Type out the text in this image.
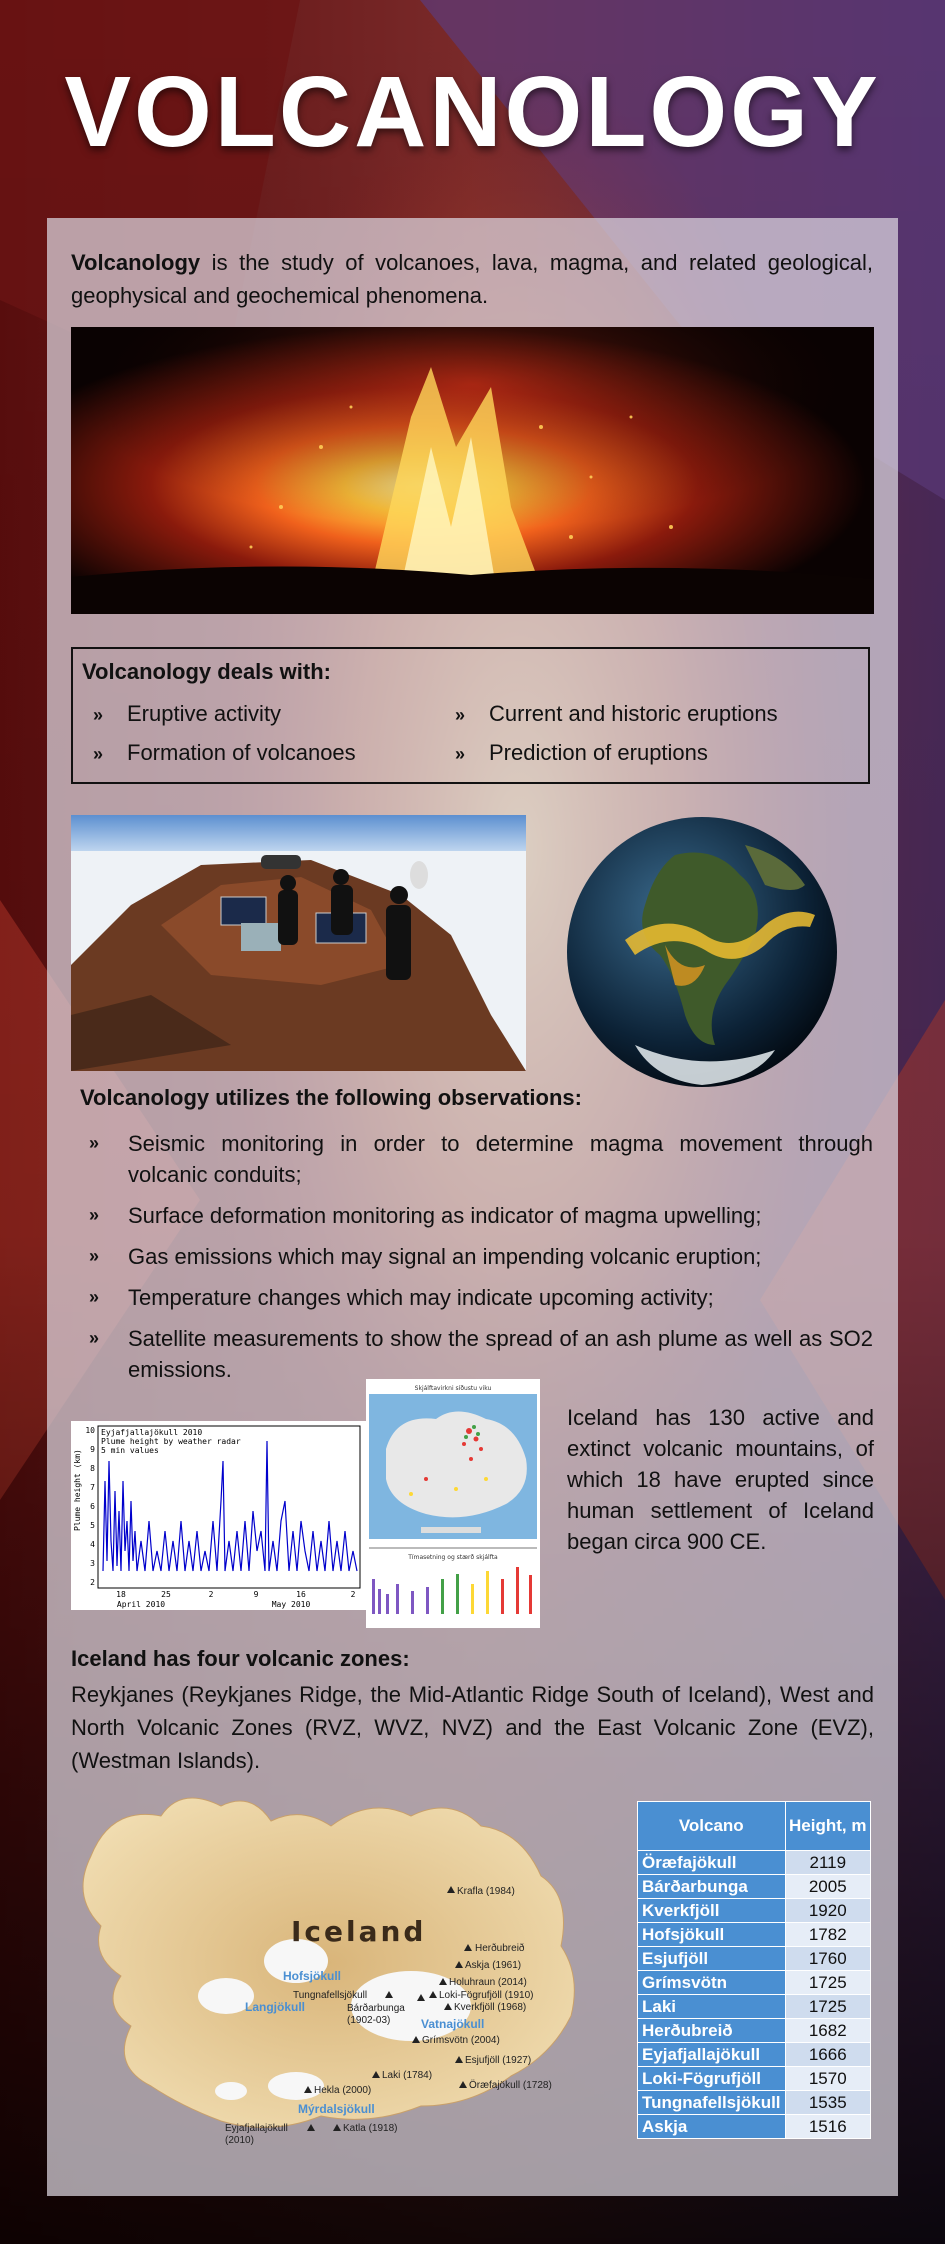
VOLCANOLOGY
Volcanology is the study of volcanoes, lava, magma, and related geological, geophysical and geochemical phenomena.
Volcanology deals with:
» Eruptive activity
» Formation of volcanoes
» Current and historic eruptions
» Prediction of eruptions
Volcanology utilizes the following observations:
»	Seismic monitoring in order to determine magma movement through volcanic conduits;
»	Surface deformation monitoring as indicator of magma upwelling;
»	Gas emissions which may signal an impending volcanic eruption;
»	Temperature changes which may indicate upcoming activity;
»	Satellite measurements to show the spread of an ash plume as well as SO2 emissions.
Eyjafjallajökull 2010
Plume height by weather radar
5 min values
Plume height (km)
10
9
8
7
6
5
4
3
2
18	25	2	9	16	2
April 2010	May 2010
Skjálftavirkni síðustu viku
Tímasetning og stærð skjálfta
Iceland has 130 active and extinct volcanic mountains, of which 18 have erupted since human settlement of Iceland began circa 900 CE.
Iceland has four volcanic zones:
Reykjanes (Reykjanes Ridge, the Mid-Atlantic Ridge South of Iceland), West and North Volcanic Zones (RVZ, WVZ, NVZ) and the East Volcanic Zone (EVZ), (Westman Islands).
Iceland
Hofsjökull
Langjökull
Vatnajökull
Mýrdalsjökull
Krafla (1984)
Herðubreið
Askja (1961)
Holuhraun (2014)
Loki-Fögrufjöll (1910)
Kverkfjöll (1968)
Tungnafellsjökull
Bárðarbunga
(1902-03)
Grímsvötn (2004)
Esjufjöll (1927)
Öræfajökull (1728)
Hekla (2000)
Laki (1784)
Katla (1918)
Eyjafjallajökull
(2010)
Volcano	Height, m
Öræfajökull	2119
Bárðarbunga	2005
Kverkfjöll	1920
Hofsjökull	1782
Esjufjöll	1760
Grímsvötn	1725
Laki	1725
Herðubreið	1682
Eyjafjallajökull	1666
Loki-Fögrufjöll	1570
Tungnafellsjökull	1535
Askja	1516
